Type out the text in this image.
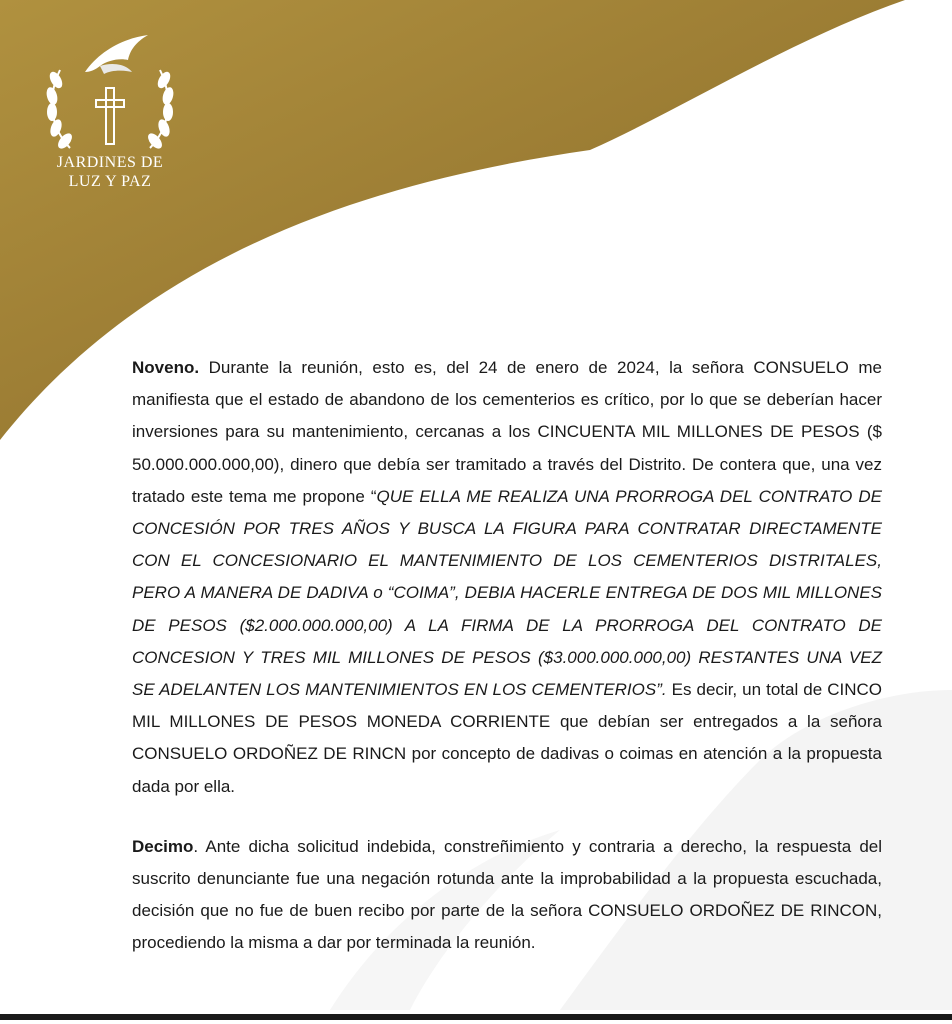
JARDINES DE
LUZ Y PAZ

Noveno. Durante la reunión, esto es, del 24 de enero de 2024, la señora CONSUELO me manifiesta que el estado de abandono de los cementerios es crítico, por lo que se deberían hacer inversiones para su mantenimiento, cercanas a los CINCUENTA MIL MILLONES DE PESOS ($ 50.000.000.000,00), dinero que debía ser tramitado a través del Distrito. De contera que, una vez tratado este tema me propone “QUE ELLA ME REALIZA UNA PRORROGA DEL CONTRATO DE CONCESIÓN POR TRES AÑOS Y BUSCA LA FIGURA PARA CONTRATAR DIRECTAMENTE CON EL CONCESIONARIO EL MANTENIMIENTO DE LOS CEMENTERIOS DISTRITALES, PERO A MANERA DE DADIVA o “COIMA”, DEBIA HACERLE ENTREGA DE DOS MIL MILLONES DE PESOS ($2.000.000.000,00) A LA FIRMA DE LA PRORROGA DEL CONTRATO DE CONCESION Y TRES MIL MILLONES DE PESOS ($3.000.000.000,00) RESTANTES UNA VEZ SE ADELANTEN LOS MANTENIMIENTOS EN LOS CEMENTERIOS”. Es decir, un total de CINCO MIL MILLONES DE PESOS MONEDA CORRIENTE que debían ser entregados a la señora CONSUELO ORDOÑEZ DE RINCN por concepto de dadivas o coimas en atención a la propuesta dada por ella.

Decimo. Ante dicha solicitud indebida, constreñimiento y contraria a derecho, la respuesta del suscrito denunciante fue una negación rotunda ante la improbabilidad a la propuesta escuchada, decisión que no fue de buen recibo por parte de la señora CONSUELO ORDOÑEZ DE RINCON, procediendo la misma a dar por terminada la reunión.
